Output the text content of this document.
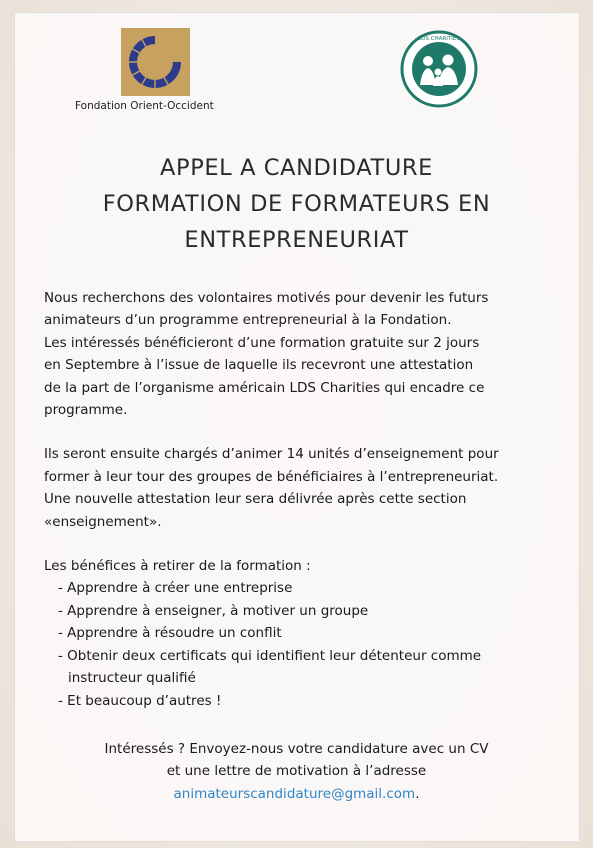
Fondation Orient-Occident
LDS CHARITIES
APPEL A CANDIDATURE
FORMATION DE FORMATEURS EN
ENTREPRENEURIAT

Nous recherchons des volontaires motivés pour devenir les futurs

animateurs d’un programme entrepreneurial à la Fondation.

Les intéressés bénéficieront d’une formation gratuite sur 2 jours

en Septembre à l’issue de laquelle ils recevront une attestation

de la part de l’organisme américain LDS Charities qui encadre ce

programme.

Ils seront ensuite chargés d’animer 14 unités d’enseignement pour

former à leur tour des groupes de bénéficiaires à l’entrepreneuriat.

Une nouvelle attestation leur sera délivrée après cette section

«enseignement».

Les bénéfices à retirer de la formation :

- Apprendre à créer une entreprise
- Apprendre à enseigner, à motiver un groupe
- Apprendre à résoudre un conflit
- Obtenir deux certificats qui identifient leur détenteur comme
instructeur qualifié
- Et beaucoup d’autres !
Intéressés ? Envoyez-nous votre candidature avec un CV
et une lettre de motivation à l’adresse
animateurscandidature@gmail.com.
